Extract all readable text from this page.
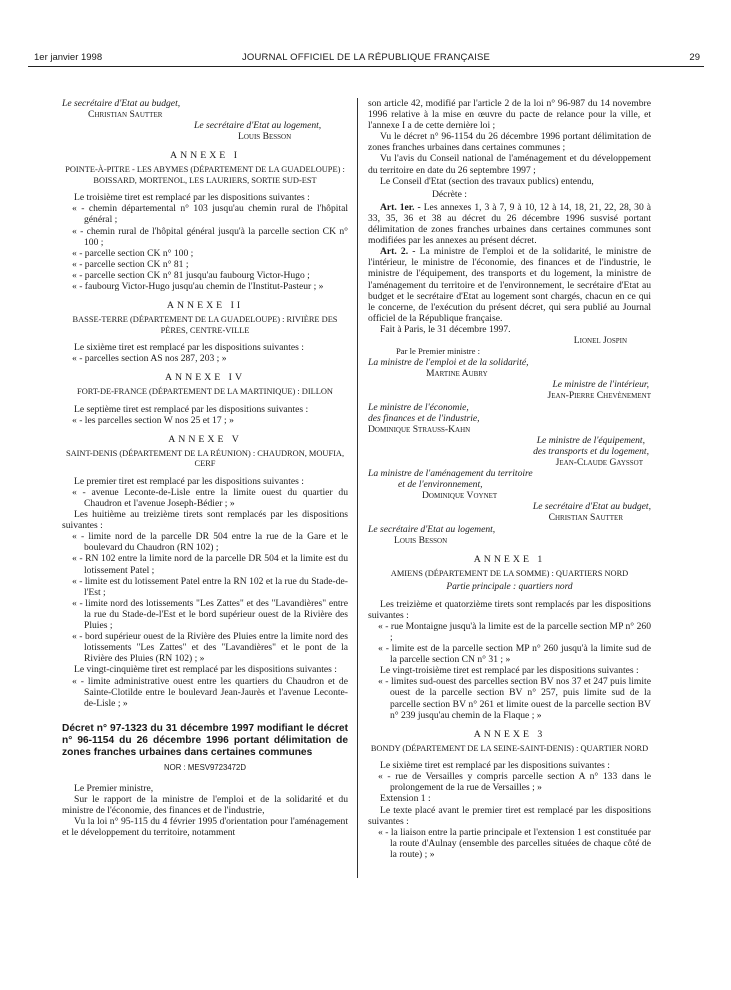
1er janvier 1998	JOURNAL OFFICIEL DE LA RÉPUBLIQUE FRANÇAISE	29

Le secrétaire d'Etat au budget,

Christian Sautter

Le secrétaire d'Etat au logement,

Louis Besson

ANNEXE I
POINTE-À-PITRE - LES ABYMES (DÉPARTEMENT DE LA GUADELOUPE) : BOISSARD, MORTENOL, LES LAURIERS, SORTIE SUD-EST

Le troisième tiret est remplacé par les dispositions suivantes :

« - chemin départemental n° 103 jusqu'au chemin rural de l'hôpital général ;

« - chemin rural de l'hôpital général jusqu'à la parcelle section CK n° 100 ;

« - parcelle section CK n° 100 ;

« - parcelle section CK n° 81 ;

« - parcelle section CK n° 81 jusqu'au faubourg Victor-Hugo ;

« - faubourg Victor-Hugo jusqu'au chemin de l'Institut-Pasteur ; »

ANNEXE II
BASSE-TERRE (DÉPARTEMENT DE LA GUADELOUPE) : RIVIÈRE DES PÈRES, CENTRE-VILLE

Le sixième tiret est remplacé par les dispositions suivantes :

« - parcelles section AS nos 287, 203 ; »

ANNEXE IV
FORT-DE-FRANCE (DÉPARTEMENT DE LA MARTINIQUE) : DILLON

Le septième tiret est remplacé par les dispositions suivantes :

« - les parcelles section W nos 25 et 17 ; »

ANNEXE V
SAINT-DENIS (DÉPARTEMENT DE LA RÉUNION) : CHAUDRON, MOUFIA, CERF

Le premier tiret est remplacé par les dispositions suivantes :

« - avenue Leconte-de-Lisle entre la limite ouest du quartier du Chaudron et l'avenue Joseph-Bédier ; »

Les huitième au treizième tirets sont remplacés par les dispositions suivantes :

« - limite nord de la parcelle DR 504 entre la rue de la Gare et le boulevard du Chaudron (RN 102) ;

« - RN 102 entre la limite nord de la parcelle DR 504 et la limite est du lotissement Patel ;

« - limite est du lotissement Patel entre la RN 102 et la rue du Stade-de-l'Est ;

« - limite nord des lotissements "Les Zattes" et des "Lavandières" entre la rue du Stade-de-l'Est et le bord supérieur ouest de la Rivière des Pluies ;

« - bord supérieur ouest de la Rivière des Pluies entre la limite nord des lotissements "Les Zattes" et des "Lavandières" et le pont de la Rivière des Pluies (RN 102) ; »

Le vingt-cinquième tiret est remplacé par les dispositions suivantes :

« - limite administrative ouest entre les quartiers du Chaudron et de Sainte-Clotilde entre le boulevard Jean-Jaurès et l'avenue Leconte-de-Lisle ; »

Décret n° 97-1323 du 31 décembre 1997 modifiant le décret n° 96-1154 du 26 décembre 1996 portant délimitation de zones franches urbaines dans certaines communes
NOR : MESV9723472D

Le Premier ministre,

Sur le rapport de la ministre de l'emploi et de la solidarité et du ministre de l'économie, des finances et de l'industrie,

Vu la loi n° 95-115 du 4 février 1995 d'orientation pour l'aménagement et le développement du territoire, notamment

son article 42, modifié par l'article 2 de la loi n° 96-987 du 14 novembre 1996 relative à la mise en œuvre du pacte de relance pour la ville, et l'annexe I a de cette dernière loi ;

Vu le décret n° 96-1154 du 26 décembre 1996 portant délimitation de zones franches urbaines dans certaines communes ;

Vu l'avis du Conseil national de l'aménagement et du développement du territoire en date du 26 septembre 1997 ;

Le Conseil d'Etat (section des travaux publics) entendu,

Décrète :

Art. 1er. - Les annexes 1, 3 à 7, 9 à 10, 12 à 14, 18, 21, 22, 28, 30 à 33, 35, 36 et 38 au décret du 26 décembre 1996 susvisé portant délimitation de zones franches urbaines dans certaines communes sont modifiées par les annexes au présent décret.

Art. 2. - La ministre de l'emploi et de la solidarité, le ministre de l'intérieur, le ministre de l'économie, des finances et de l'industrie, le ministre de l'équipement, des transports et du logement, la ministre de l'aménagement du territoire et de l'environnement, le secrétaire d'Etat au budget et le secrétaire d'Etat au logement sont chargés, chacun en ce qui le concerne, de l'exécution du présent décret, qui sera publié au Journal officiel de la République française.

Fait à Paris, le 31 décembre 1997.

Lionel Jospin

Par le Premier ministre :

La ministre de l'emploi et de la solidarité,

Martine Aubry

Le ministre de l'intérieur,

Jean-Pierre Chevènement

Le ministre de l'économie,

des finances et de l'industrie,

Dominique Strauss-Kahn

Le ministre de l'équipement,

des transports et du logement,

Jean-Claude Gayssot

La ministre de l'aménagement du territoire

et de l'environnement,

Dominique Voynet

Le secrétaire d'Etat au budget,

Christian Sautter

Le secrétaire d'Etat au logement,

Louis Besson

ANNEXE 1
AMIENS (DÉPARTEMENT DE LA SOMME) : QUARTIERS NORD
Partie principale : quartiers nord

Les treizième et quatorzième tirets sont remplacés par les dispositions suivantes :

« - rue Montaigne jusqu'à la limite est de la parcelle section MP n° 260 ;

« - limite est de la parcelle section MP n° 260 jusqu'à la limite sud de la parcelle section CN n° 31 ; »

Le vingt-troisième tiret est remplacé par les dispositions suivantes :

« - limites sud-ouest des parcelles section BV nos 37 et 247 puis limite ouest de la parcelle section BV n° 257, puis limite sud de la parcelle section BV n° 261 et limite ouest de la parcelle section BV n° 239 jusqu'au chemin de la Flaque ; »

ANNEXE 3
BONDY (DÉPARTEMENT DE LA SEINE-SAINT-DENIS) : QUARTIER NORD

Le sixième tiret est remplacé par les dispositions suivantes :

« - rue de Versailles y compris parcelle section A n° 133 dans le prolongement de la rue de Versailles ; »

Extension 1 :

Le texte placé avant le premier tiret est remplacé par les dispositions suivantes :

« - la liaison entre la partie principale et l'extension 1 est constituée par la route d'Aulnay (ensemble des parcelles situées de chaque côté de la route) ; »
